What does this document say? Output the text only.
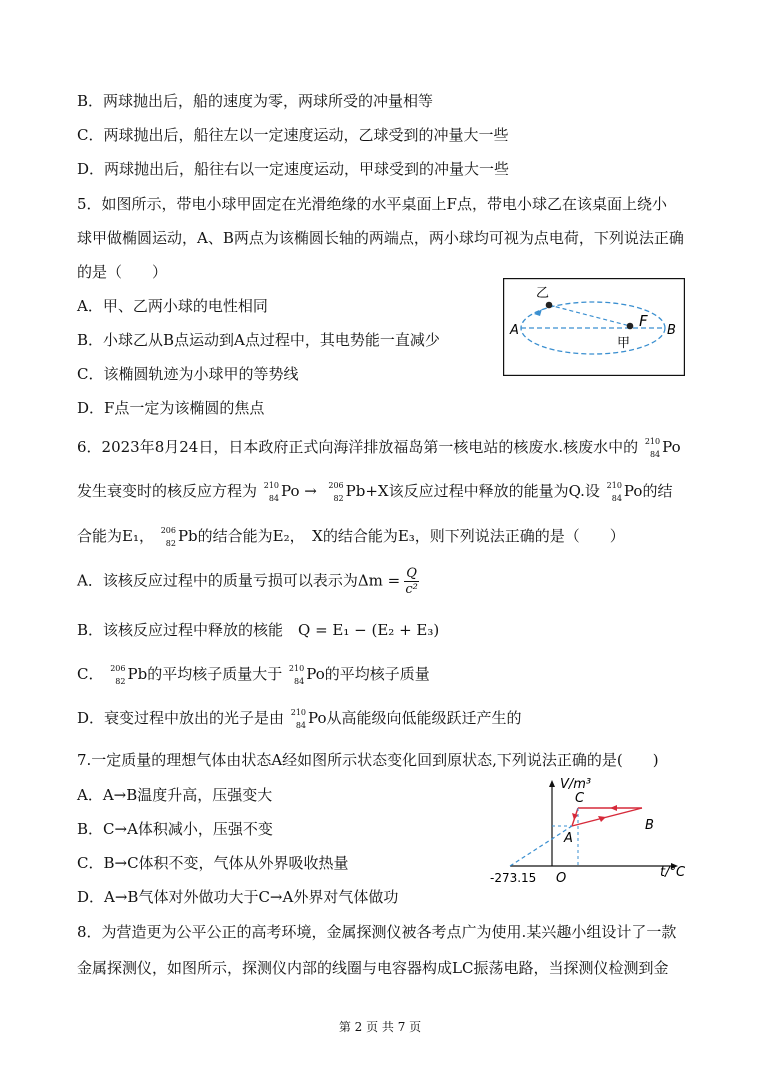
B．两球抛出后，船的速度为零，两球所受的冲量相等
C．两球抛出后，船往左以一定速度运动，乙球受到的冲量大一些
D．两球抛出后，船往右以一定速度运动，甲球受到的冲量大一些
5．如图所示，带电小球甲固定在光滑绝缘的水平桌面上F点，带电小球乙在该桌面上绕小
球甲做椭圆运动，A、B两点为该椭圆长轴的两端点，两小球均可视为点电荷，下列说法正确
的是（　　）
A．甲、乙两小球的电性相同
B．小球乙从B点运动到A点过程中，其电势能一直减少
C．该椭圆轨迹为小球甲的等势线
D．F点一定为该椭圆的焦点
乙
甲
A	B
F
6．2023年8月24日，日本政府正式向海洋排放福岛第一核电站的核废水.核废水中的 210
84 Po
发生衰变时的核反应方程为 210
84 Po → 206
82 Pb+X该反应过程中释放的能量为Q.设 210
84 Po的结
合能为E₁， 206
82 Pb的结合能为E₂，　X的结合能为E₃，则下列说法正确的是（　　）
A．该核反应过程中的质量亏损可以表示为$\Delta m = \frac{Q}{\text{c²}}$
B．该核反应过程中释放的核能　Q = E₁ − (E₂ + E₃)
C． 206
82 Pb的平均核子质量大于 210
84 Po的平均核子质量
D．衰变过程中放出的光子是由 210
84 Po从高能级向低能级跃迁产生的
7.一定质量的理想气体由状态A经如图所示状态变化回到原状态,下列说法正确的是(　　)
A．A→B温度升高，压强变大
B．C→A体积减小，压强不变
C．B→C体积不变，气体从外界吸收热量
D．A→B气体对外做功大于C→A外界对气体做功
V/m³
t/°C
O
-273.15
A
B
C
8．为营造更为公平公正的高考环境，金属探测仪被各考点广为使用.某兴趣小组设计了一款
金属探测仪，如图所示，探测仪内部的线圈与电容器构成LC振荡电路，当探测仪检测到金
第 2 页 共 7 页
